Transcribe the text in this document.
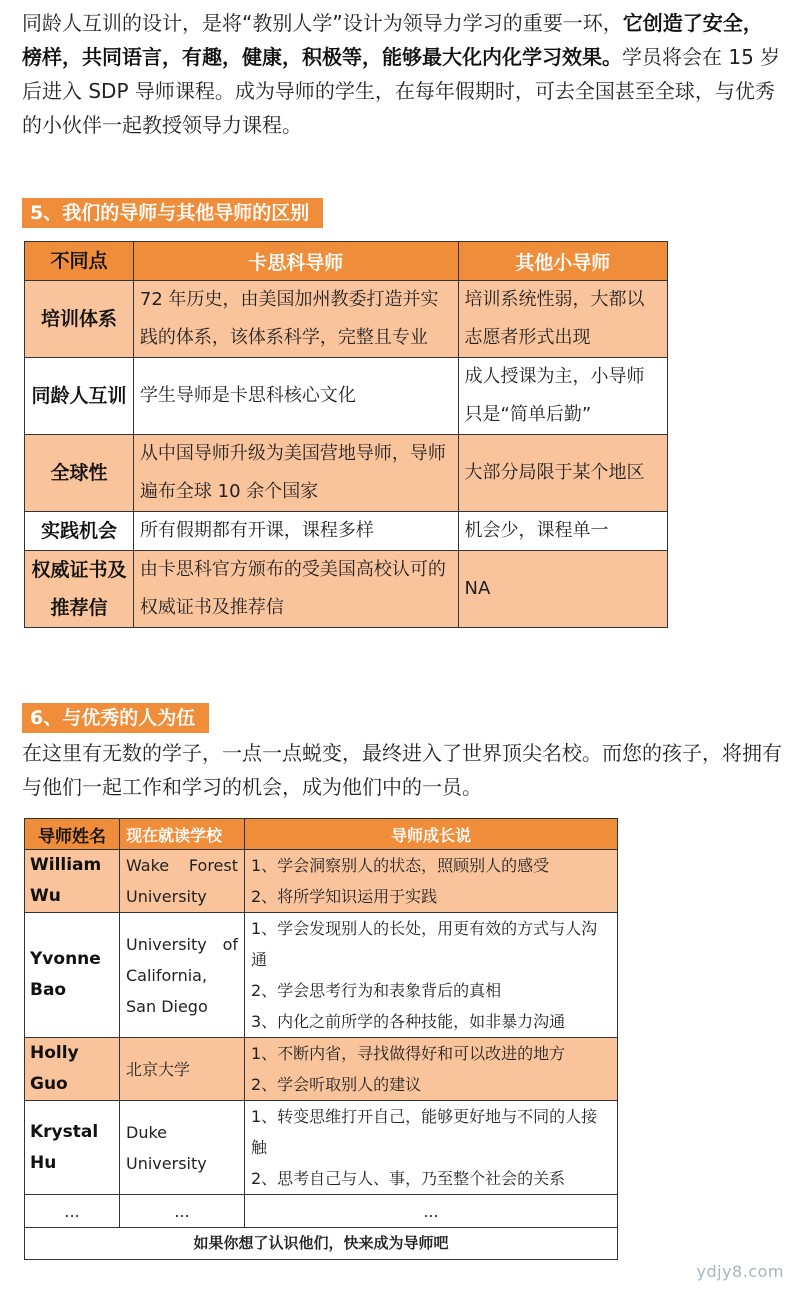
同龄人互训的设计，是将“教别人学”设计为领导力学习的重要一环，它创造了安全，榜样，共同语言，有趣，健康，积极等，能够最大化内化学习效果。学员将会在 15 岁后进入 SDP 导师课程。成为导师的学生，在每年假期时，可去全国甚至全球，与优秀的小伙伴一起教授领导力课程。

5、我们的导师与其他导师的区别
不同点	卡思科导师	其他小导师
培训体系	72 年历史，由美国加州教委打造并实践的体系，该体系科学，完整且专业	培训系统性弱，大都以志愿者形式出现
同龄人互训	学生导师是卡思科核心文化	成人授课为主，小导师只是“简单后勤”
全球性	从中国导师升级为美国营地导师，导师遍布全球 10 余个国家	大部分局限于某个地区
实践机会	所有假期都有开课，课程多样	机会少，课程单一
权威证书及推荐信	由卡思科官方颁布的受美国高校认可的权威证书及推荐信	NA
6、与优秀的人为伍

在这里有无数的学子，一点一点蜕变，最终进入了世界顶尖名校。而您的孩子，将拥有与他们一起工作和学习的机会，成为他们中的一员。

导师姓名	现在就读学校	导师成长说
William Wu	Wake Forest University	1、学会洞察别人的状态，照顾别人的感受
2、将所学知识运用于实践

Yvonne Bao	University of California, San Diego	1、学会发现别人的长处，用更有效的方式与人沟通
2、学会思考行为和表象背后的真相
3、内化之前所学的各种技能，如非暴力沟通

Holly Guo	北京大学	1、不断内省，寻找做得好和可以改进的地方
2、学会听取别人的建议

Krystal Hu	Duke University	1、转变思维打开自己，能够更好地与不同的人接触
2、思考自己与人、事，乃至整个社会的关系

...	...	...
如果你想了认识他们，快来成为导师吧		
ydjy8.com
